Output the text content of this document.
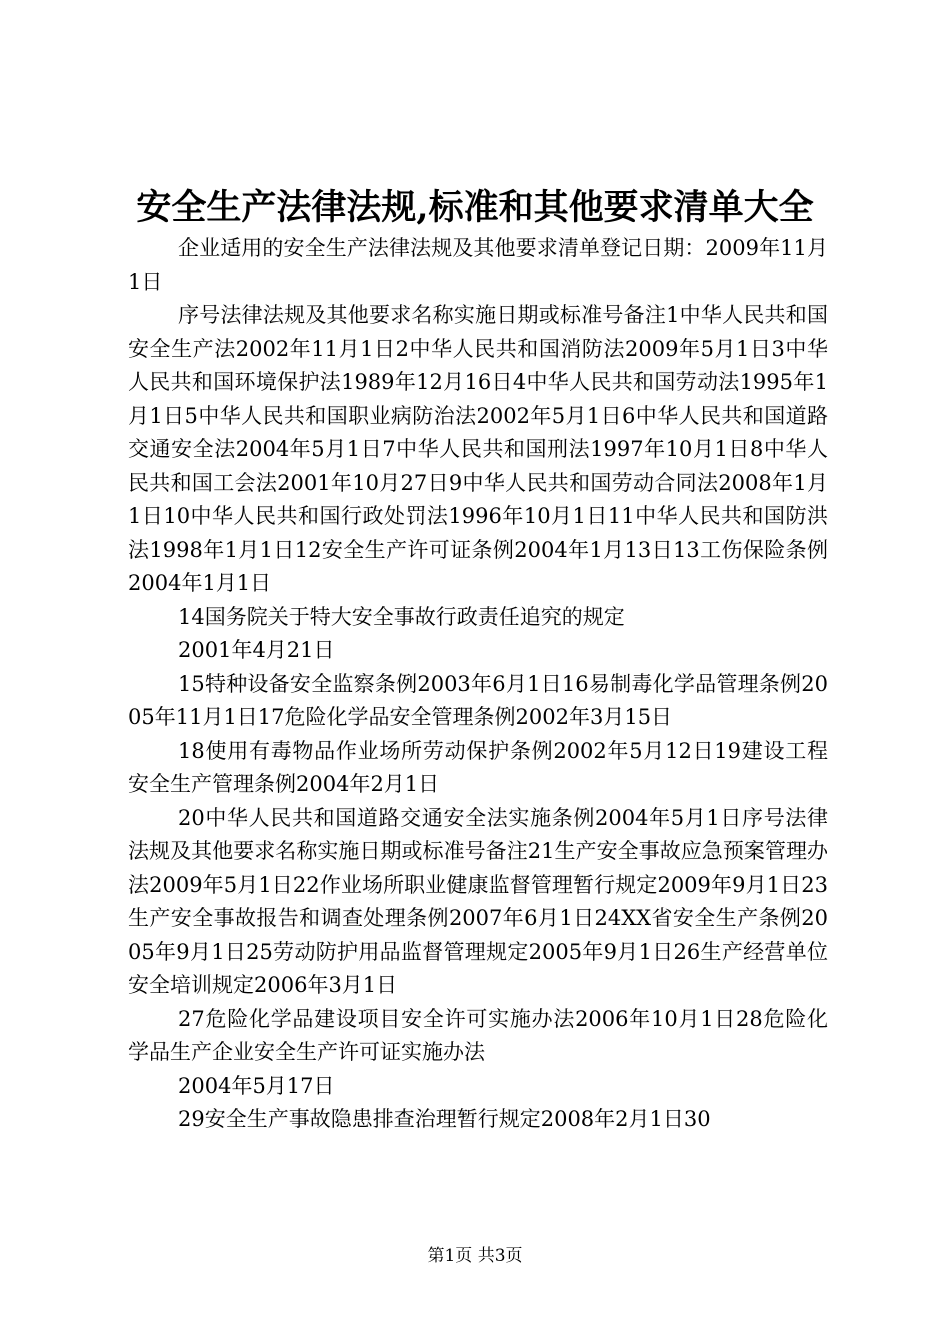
安全生产法律法规,标准和其他要求清单大全

企业适用的安全生产法律法规及其他要求清单登记日期：2009年11月1日

序号法律法规及其他要求名称实施日期或标准号备注1中华人民共和国安全生产法2002年11月1日2中华人民共和国消防法2009年5月1日3中华人民共和国环境保护法1989年12月16日4中华人民共和国劳动法1995年1月1日5中华人民共和国职业病防治法2002年5月1日6中华人民共和国道路交通安全法2004年5月1日7中华人民共和国刑法1997年10月1日8中华人民共和国工会法2001年10月27日9中华人民共和国劳动合同法2008年1月1日10中华人民共和国行政处罚法1996年10月1日11中华人民共和国防洪法1998年1月1日12安全生产许可证条例2004年1月13日13工伤保险条例2004年1月1日

14国务院关于特大安全事故行政责任追究的规定

2001年4月21日

15特种设备安全监察条例2003年6月1日16易制毒化学品管理条例2005年11月1日17危险化学品安全管理条例2002年3月15日

18使用有毒物品作业场所劳动保护条例2002年5月12日19建设工程安全生产管理条例2004年2月1日

20中华人民共和国道路交通安全法实施条例2004年5月1日序号法律法规及其他要求名称实施日期或标准号备注21生产安全事故应急预案管理办法2009年5月1日22作业场所职业健康监督管理暂行规定2009年9月1日23生产安全事故报告和调查处理条例2007年6月1日24XX省安全生产条例2005年9月1日25劳动防护用品监督管理规定2005年9月1日26生产经营单位安全培训规定2006年3月1日

27危险化学品建设项目安全许可实施办法2006年10月1日28危险化学品生产企业安全生产许可证实施办法

2004年5月17日

29安全生产事故隐患排查治理暂行规定2008年2月1日30

第1页 共3页
